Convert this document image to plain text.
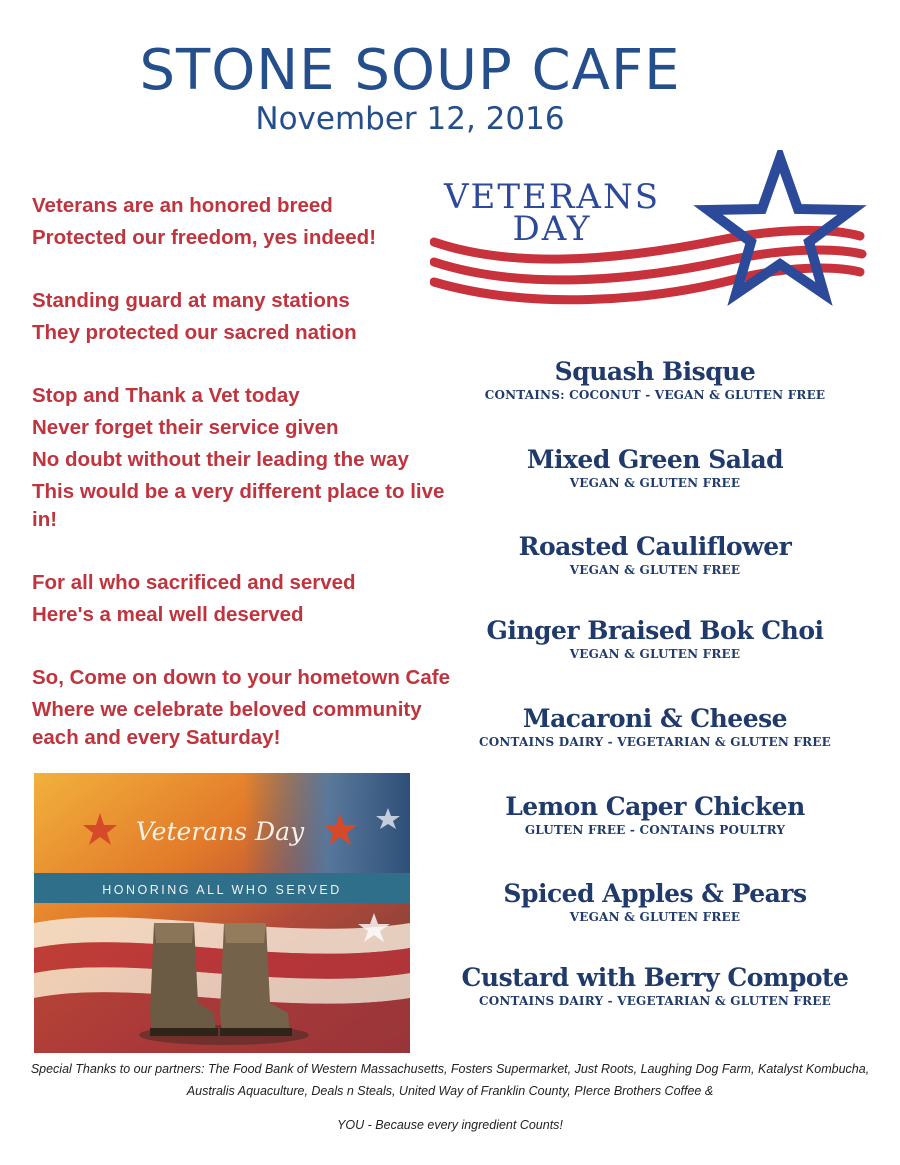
STONE SOUP CAFE
November 12, 2016
VETERANS
DAY
Veterans are an honored breed
Protected our freedom, yes indeed!
Standing guard at many stations
They protected our sacred nation
Stop and Thank a Vet today
Never forget their service given
No doubt without their leading the way
This would be a very different place to live in!
For all who sacrificed and served
Here's a meal well deserved
So, Come on down to your hometown Cafe
Where we celebrate beloved community each and every Saturday!
Squash Bisque
CONTAINS: COCONUT - VEGAN & GLUTEN FREE
Mixed Green Salad
VEGAN & GLUTEN FREE
Roasted Cauliflower
VEGAN & GLUTEN FREE
Ginger Braised Bok Choi
VEGAN & GLUTEN FREE
Macaroni & Cheese
CONTAINS DAIRY - VEGETARIAN & GLUTEN FREE
Lemon Caper Chicken
GLUTEN FREE - CONTAINS POULTRY
Spiced Apples & Pears
VEGAN & GLUTEN FREE
Custard with Berry Compote
CONTAINS DAIRY - VEGETARIAN & GLUTEN FREE
HONORING ALL WHO SERVED
Veterans Day
Special Thanks to our partners: The Food Bank of Western Massachusetts, Fosters Supermarket, Just Roots, Laughing Dog Farm, Katalyst Kombucha, Australis Aquaculture, Deals n Steals, United Way of Franklin County, PIerce Brothers Coffee &
YOU - Because every ingredient Counts!
